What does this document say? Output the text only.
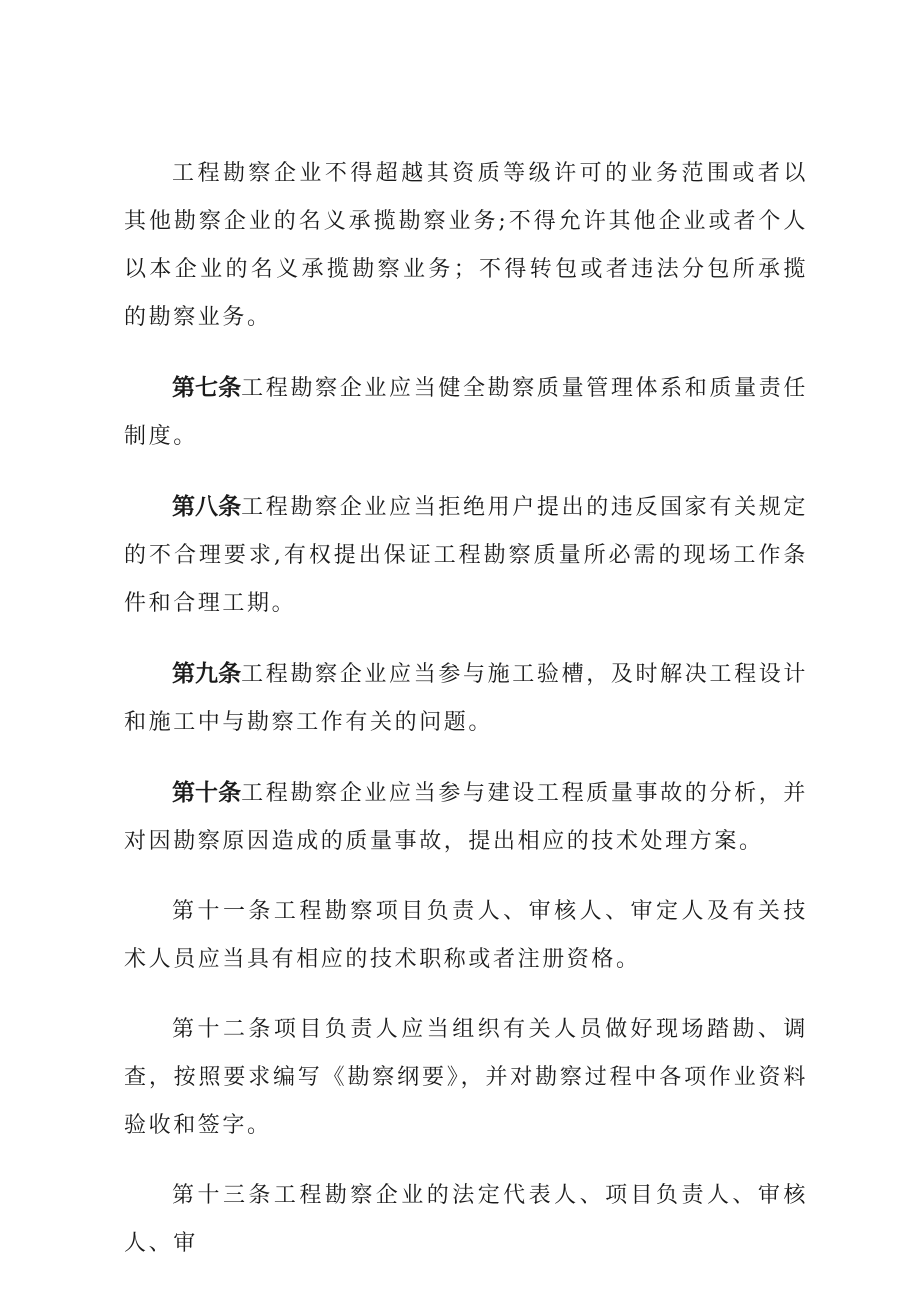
工程勘察企业不得超越其资质等级许可的业务范围或者以其他勘察企业的名义承揽勘察业务;不得允许其他企业或者个人以本企业的名义承揽勘察业务；不得转包或者违法分包所承揽的勘察业务。

第七条工程勘察企业应当健全勘察质量管理体系和质量责任制度。

第八条工程勘察企业应当拒绝用户提出的违反国家有关规定的不合理要求,有权提出保证工程勘察质量所必需的现场工作条件和合理工期。

第九条工程勘察企业应当参与施工验槽，及时解决工程设计和施工中与勘察工作有关的问题。

第十条工程勘察企业应当参与建设工程质量事故的分析，并对因勘察原因造成的质量事故，提出相应的技术处理方案。

第十一条工程勘察项目负责人、审核人、审定人及有关技术人员应当具有相应的技术职称或者注册资格。

第十二条项目负责人应当组织有关人员做好现场踏勘、调查，按照要求编写《勘察纲要》，并对勘察过程中各项作业资料验收和签字。

第十三条工程勘察企业的法定代表人、项目负责人、审核人、审
